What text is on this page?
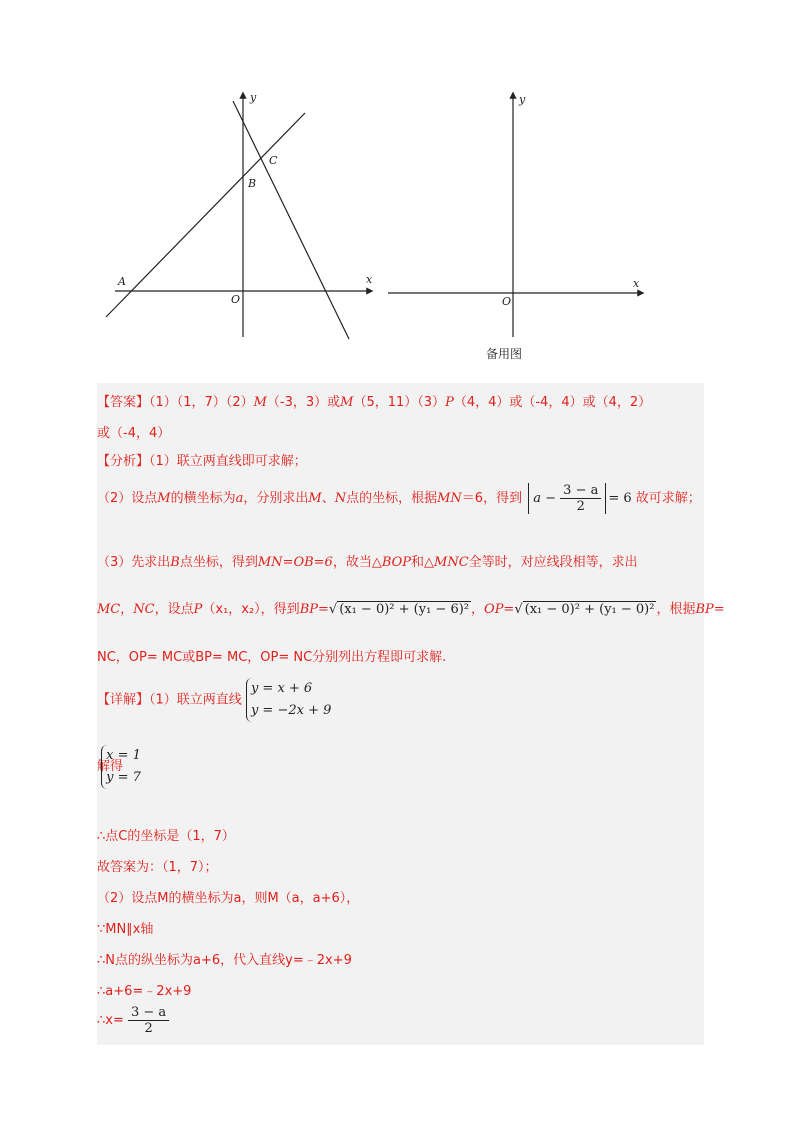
y
x
O
A
B
C
y
x
O
备用图
【答案】（1）（1，7）（2）M（-3，3）或M（5，11）（3）P（4，4）或（-4，4）或（4，2）
或（-4，4）
【分析】（1）联立两直线即可求解；
（2）设点M的横坐标为a，分别求出M、N点的坐标，根据MN＝6，得到 $a - \frac{3 - a}{2} = 6$ 故可求解；
（3）先求出B点坐标，得到MN=OB=6，故当△BOP和△MNC全等时，对应线段相等，求出
MC，NC，设点P（x₁，x₂），得到BP=√ (x₁ − 0)² + (y₁ − 6)² ，OP=√ (x₁ − 0)² + (y₁ − 0)² ，根据BP=
NC，OP= MC或BP= MC，OP= NC分别列出方程即可求解.
【详解】（1）联立两直线 y = x + 6
y = −2x + 9
解得 x = 1
y = 7
∴点C的坐标是（1，7）
故答案为：（1，7）；
（2）设点M的横坐标为a，则M（a，a+6），
∵MN∥x轴
∴N点的纵坐标为a+6，代入直线y=﹣2x+9
∴a+6=﹣2x+9
∴x= $\frac{3 - a}{2}$
